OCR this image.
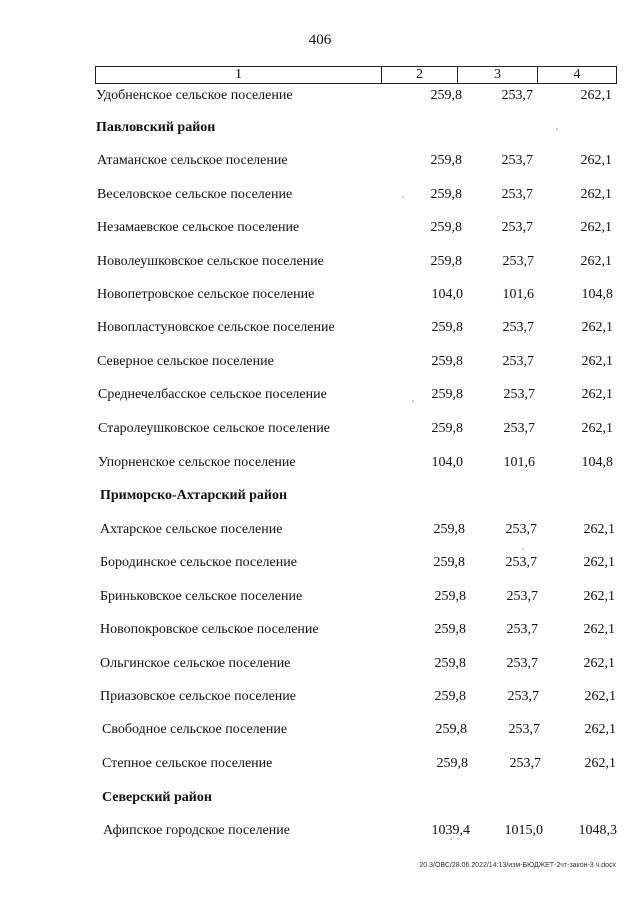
406
1	2	3	4
Удобненское сельское поселение	259,8	253,7	262,1
Павловский район
Атаманское сельское поселение	259,8	253,7	262,1
Веселовское сельское поселение	259,8	253,7	262,1
Незамаевское сельское поселение	259,8	253,7	262,1
Новолеушковское сельское поселение	259,8	253,7	262,1
Новопетровское сельское поселение	104,0	101,6	104,8
Новопластуновское сельское поселение	259,8	253,7	262,1
Северное сельское поселение	259,8	253,7	262,1
Среднечелбасское сельское поселение	259,8	253,7	262,1
Старолеушковское сельское поселение	259,8	253,7	262,1
Упорненское сельское поселение	104,0	101,6	104,8
Приморско-Ахтарский район
Ахтарское сельское поселение	259,8	253,7	262,1
Бородинское сельское поселение	259,8	253,7	262,1
Бриньковское сельское поселение	259,8	253,7	262,1
Новопокровское сельское поселение	259,8	253,7	262,1
Ольгинское сельское поселение	259,8	253,7	262,1
Приазовское сельское поселение	259,8	253,7	262,1
Свободное сельское поселение	259,8	253,7	262,1
Степное сельское поселение	259,8	253,7	262,1
Северский район
Афипское городское поселение	1039,4	1015,0	1048,3
20.3/ОВС/28.06.2022/14:13/изм-БЮДЖЕТ-2чт-закон-3 ч.docx
